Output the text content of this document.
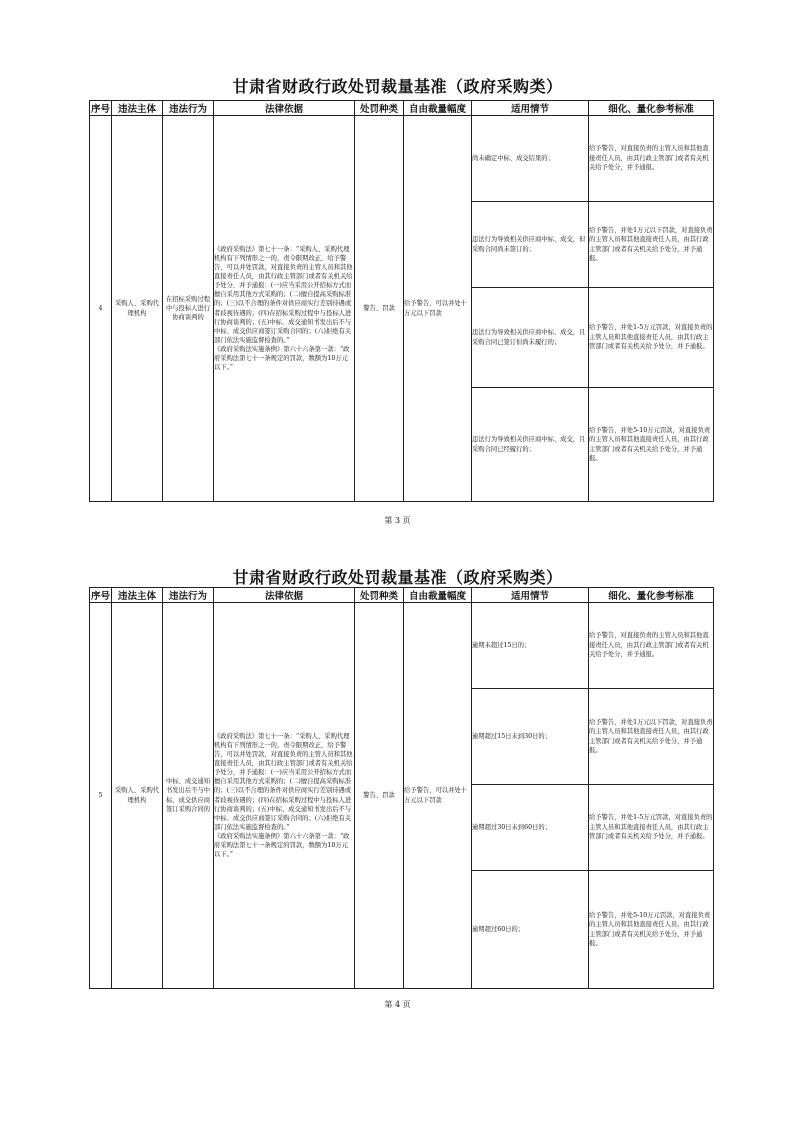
甘肃省财政行政处罚裁量基准（政府采购类）
序号	违法主体	违法行为	法律依据	处罚种类	自由裁量幅度	适用情节	细化、量化参考标准
4	采购人、采购代理机构	在招标采购过程中与投标人进行协商谈判的	《政府采购法》第七十一条：“采购人、采购代理机构有下列情形之一的，责令限期改正，给予警告，可以并处罚款，对直接负责的主管人员和其他直接责任人员，由其行政主管部门或者有关机关给予处分，并予通报：(一)应当采用公开招标方式而擅自采用其他方式采购的；(二)擅自提高采购标准的；(三)以不合理的条件对供应商实行差别待遇或者歧视待遇的；(四)在招标采购过程中与投标人进行协商谈判的；(五)中标、成交通知书发出后不与中标、成交供应商签订采购合同的；(六)拒绝有关部门依法实施监督检查的。”
《政府采购法实施条例》第六十六条第一款：“政府采购法第七十一条规定的罚款，数额为10万元以下。”	警告、罚款	给予警告，可以并处十万元以下罚款	尚未确定中标、成交结果的；	给予警告，对直接负责的主管人员和其他直接责任人员，由其行政主管部门或者有关机关给予处分，并予通报。
						违法行为导致相关供应商中标、成交，但采购合同尚未签订的；	给予警告，并处1万元以下罚款，对直接负责的主管人员和其他直接责任人员，由其行政主管部门或者有关机关给予处分，并予通报。
						违法行为导致相关供应商中标、成交，且采购合同已签订但尚未履行的；	给予警告，并处1-5万元罚款，对直接负责的主管人员和其他直接责任人员，由其行政主管部门或者有关机关给予处分，并予通报。
						违法行为导致相关供应商中标、成交，且采购合同已经履行的；	给予警告，并处5-10万元罚款，对直接负责的主管人员和其他直接责任人员，由其行政主管部门或者有关机关给予处分，并予通报。
第 3 页
甘肃省财政行政处罚裁量基准（政府采购类）
序号	违法主体	违法行为	法律依据	处罚种类	自由裁量幅度	适用情节	细化、量化参考标准
5	采购人、采购代理机构	中标、成交通知书发出后不与中标、成交供应商签订采购合同的	《政府采购法》第七十一条：“采购人、采购代理机构有下列情形之一的，责令限期改正，给予警告，可以并处罚款，对直接负责的主管人员和其他直接责任人员，由其行政主管部门或者有关机关给予处分，并予通报：(一)应当采用公开招标方式而擅自采用其他方式采购的；(二)擅自提高采购标准的；(三)以不合理的条件对供应商实行差别待遇或者歧视待遇的；(四)在招标采购过程中与投标人进行协商谈判的；(五)中标、成交通知书发出后不与中标、成交供应商签订采购合同的；(六)拒绝有关部门依法实施监督检查的。”
《政府采购法实施条例》第六十六条第一款：“政府采购法第七十一条规定的罚款，数额为10万元以下。”	警告、罚款	给予警告，可以并处十万元以下罚款	逾期未超过15日的；	给予警告，对直接负责的主管人员和其他直接责任人员，由其行政主管部门或者有关机关给予处分，并予通报。
						逾期超过15日未到30日的；	给予警告，并处1万元以下罚款，对直接负责的主管人员和其他直接责任人员，由其行政主管部门或者有关机关给予处分，并予通报。
						逾期超过30日未到60日的；	给予警告，并处1-5万元罚款，对直接负责的主管人员和其他直接责任人员，由其行政主管部门或者有关机关给予处分，并予通报。
						逾期超过60日的；	给予警告，并处5-10万元罚款，对直接负责的主管人员和其他直接责任人员，由其行政主管部门或者有关机关给予处分，并予通报。
第 4 页
